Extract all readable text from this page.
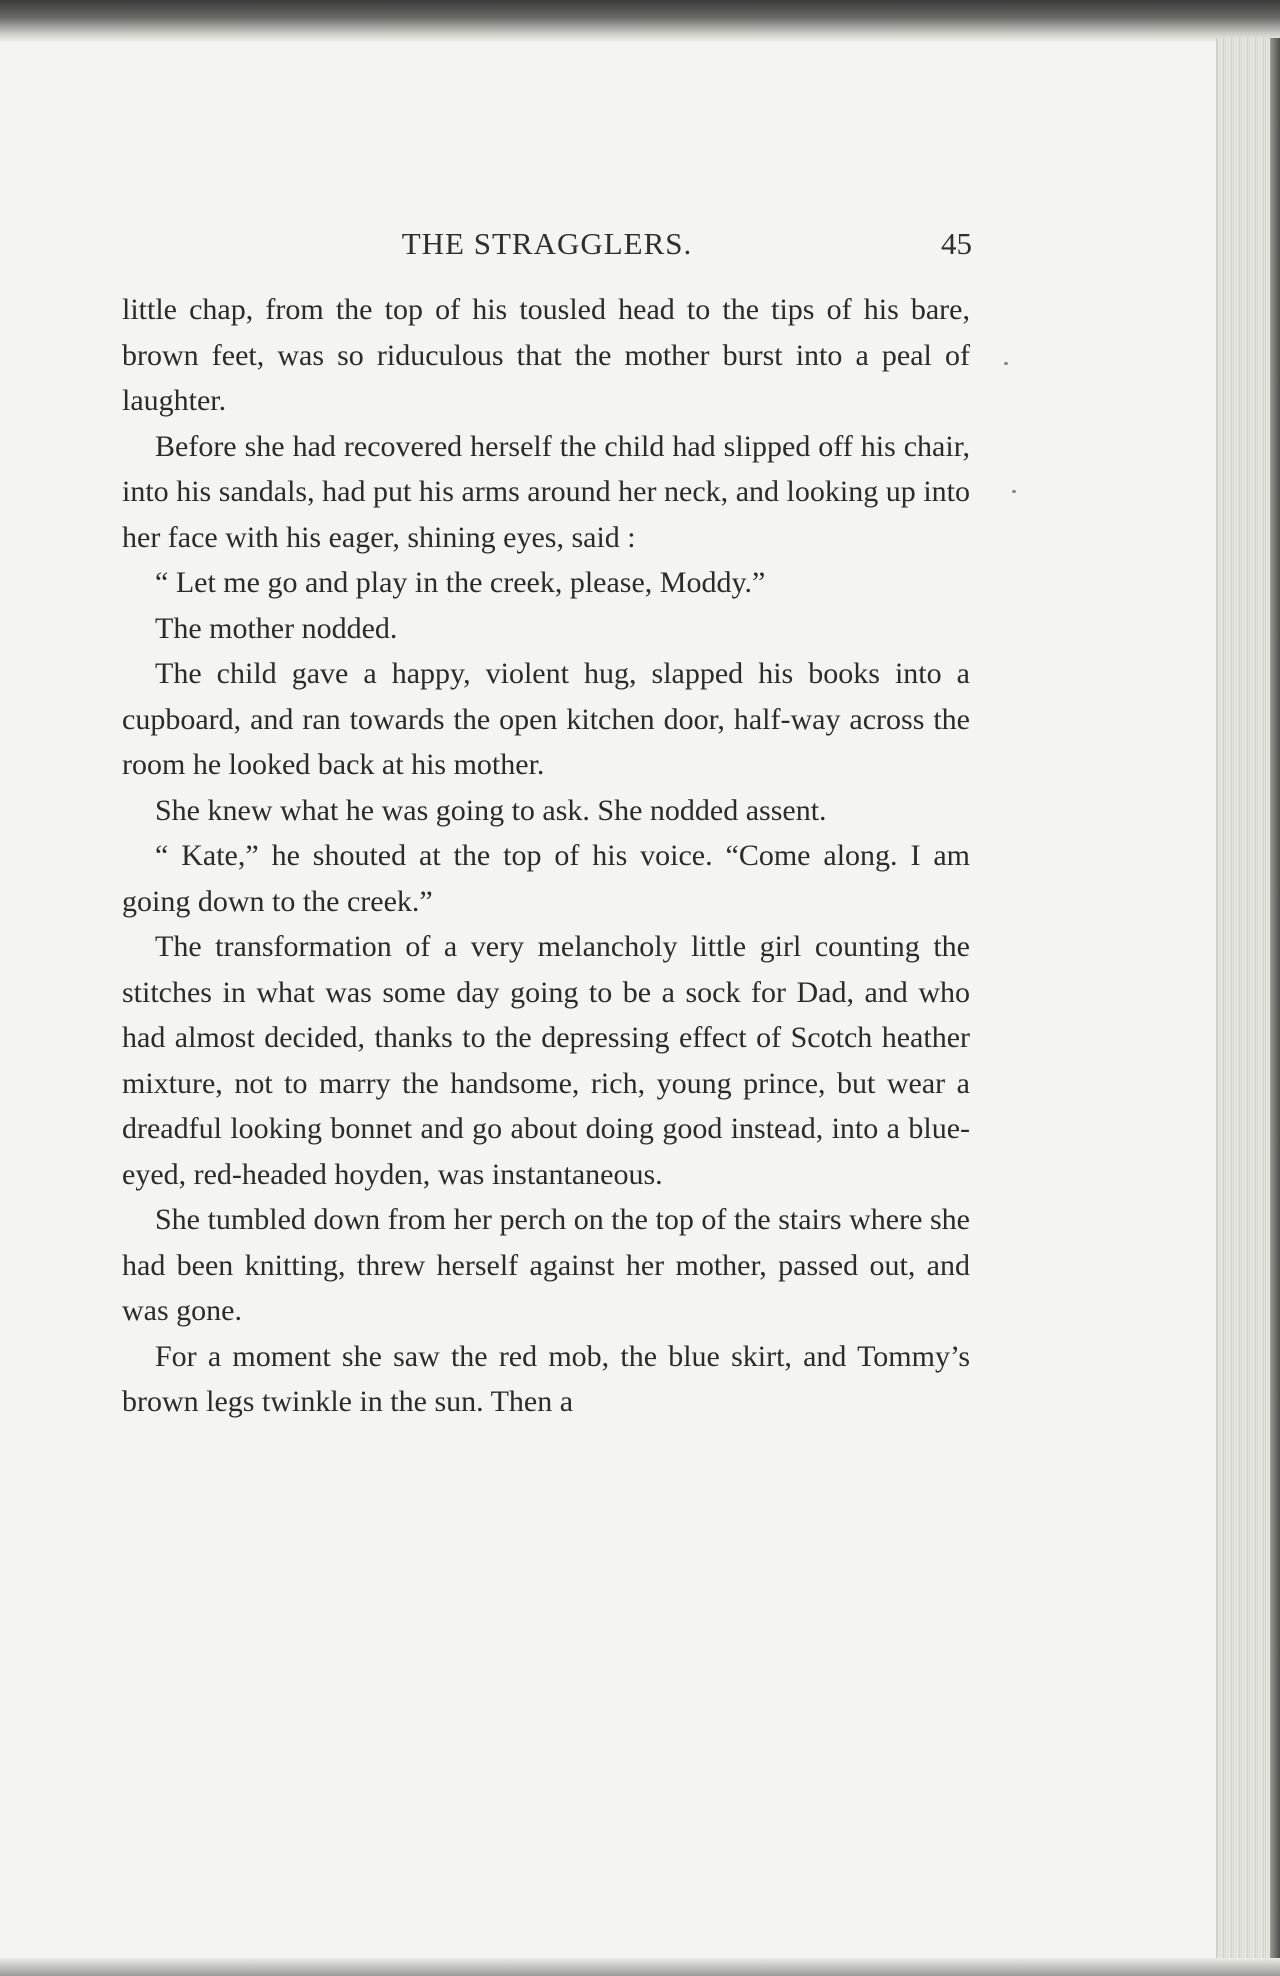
THE STRAGGLERS.	45

little chap, from the top of his tousled head to the tips of his bare, brown feet, was so riduculous that the mother burst into a peal of laughter.

Before she had recovered herself the child had slipped off his chair, into his sandals, had put his arms around her neck, and looking up into her face with his eager, shining eyes, said :

“ Let me go and play in the creek, please, Moddy.”

The mother nodded.

The child gave a happy, violent hug, slapped his books into a cupboard, and ran towards the open kitchen door, half-way across the room he looked back at his mother.

She knew what he was going to ask. She nodded assent.

“ Kate,” he shouted at the top of his voice. “Come along. I am going down to the creek.”

The transformation of a very melancholy little girl counting the stitches in what was some day going to be a sock for Dad, and who had almost decided, thanks to the depressing effect of Scotch heather mixture, not to marry the handsome, rich, young prince, but wear a dreadful looking bonnet and go about doing good instead, into a blue-eyed, red-headed hoyden, was instantaneous.

She tumbled down from her perch on the top of the stairs where she had been knitting, threw herself against her mother, passed out, and was gone.

For a moment she saw the red mob, the blue skirt, and Tommy’s brown legs twinkle in the sun. Then a
